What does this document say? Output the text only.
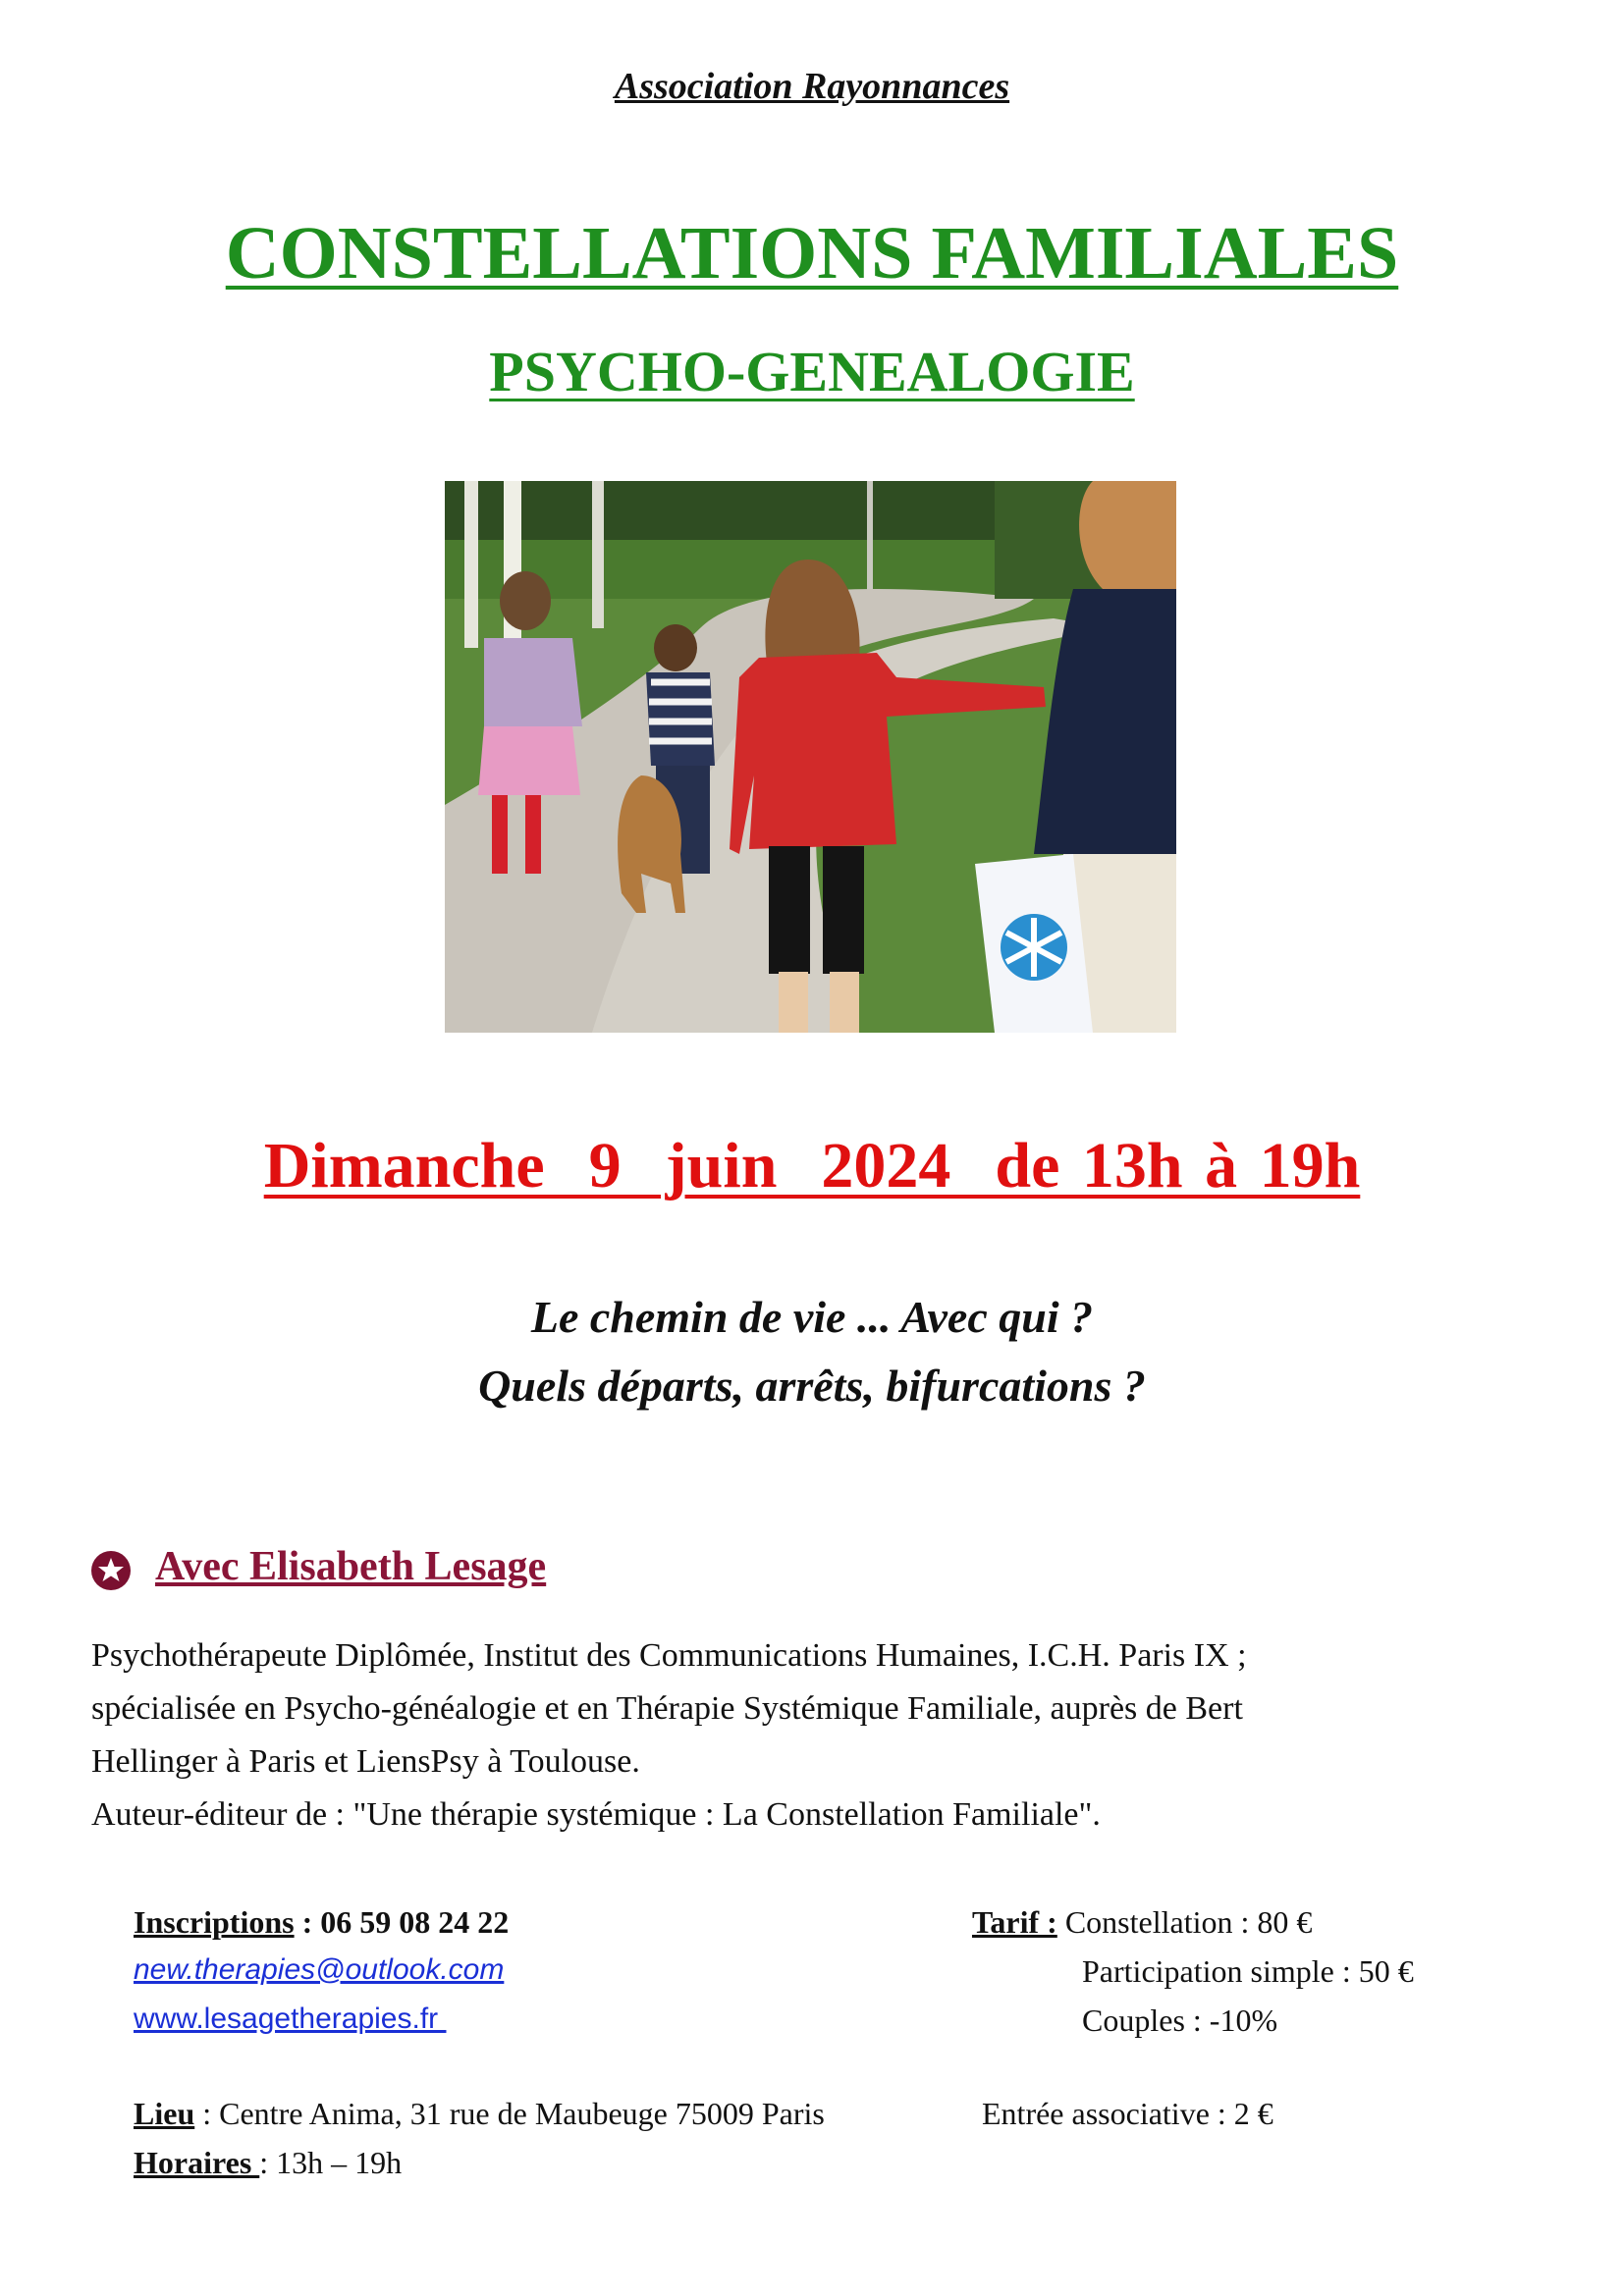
Association Rayonnances
CONSTELLATIONS FAMILIALES
PSYCHO-GENEALOGIE
Dimanche  9  juin  2024  de 13h à 19h
Le chemin de vie ... Avec qui ?
Quels départs, arrêts, bifurcations ?
Avec Elisabeth Lesage
Psychothérapeute Diplômée, Institut des Communications Humaines, I.C.H. Paris IX ;
spécialisée en Psycho-généalogie et en Thérapie Systémique Familiale, auprès de Bert
Hellinger à Paris et LiensPsy à Toulouse.
Auteur-éditeur de : "Une thérapie systémique : La Constellation Familiale".
Inscriptions : 06 59 08 24 22
new.therapies@outlook.com
www.lesagetherapies.fr
Tarif : Constellation : 80 €
Participation simple : 50 €
Couples : -10%
Lieu : Centre Anima, 31 rue de Maubeuge 75009 Paris	Entrée associative : 2 €
Horaires : 13h – 19h
